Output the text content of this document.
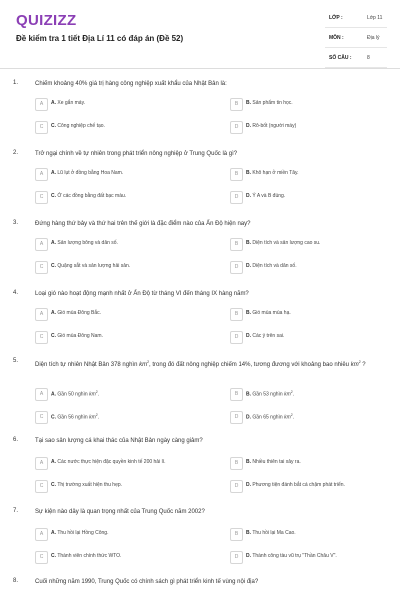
QUIZIZZ
Đề kiểm tra 1 tiết Địa Lí 11 có đáp án (Đề 52)
LỚP :	Lớp 11
MÔN :	Địa lý
SỐ CÂU :	8
1.	Chiếm khoảng 40% giá trị hàng công nghiệp xuất khẩu của Nhật Bản là:
A	A. Xe gắn máy.	B	B. Sản phẩm tin học.
C	C. Công nghiệp chế tạo.	D	D. Rô-bốt (người máy)
2.	Trở ngại chính về tự nhiên trong phát triển nông nghiệp ở Trung Quốc là gì?
A	A. Lũ lụt ở đồng bằng Hoa Nam.	B	B. Khô hạn ở miền Tây.
C	C. Ở các đồng bằng đất bạc màu.	D	D. Ý A và B đúng.
3.	Đứng hàng thứ bảy và thứ hai trên thế giới là đặc điểm nào của Ấn Độ hiện nay?
A	A. Sản lượng bông và dân số.	B	B. Diện tích và sản lượng cao su.
C	C. Quặng sắt và sản lượng hải sản.	D	D. Diện tích và dân số.
4.	Loại gió nào hoạt động mạnh nhất ở Ấn Độ từ tháng VI đến tháng IX hàng năm?
A	A. Gió mùa Đông Bắc.	B	B. Gió mùa mùa hạ.
C	C. Gió mùa Đông Nam.	D	D. Các ý trên sai.
5.
Diện tích tự nhiên Nhật Bản 378 nghìn $km^2$, trong đó đất nông nghiệp chiếm 14%, tương đương với khoảng bao nhiêu $km^2$ ?
A	A. Gần 50 nghìn $km^2$.	B	B. Gần 53 nghìn $km^2$.
C	C. Gần 56 nghìn $km^2$.	D	D. Gần 65 nghìn $km^2$.
6.	Tại sao sản lượng cá khai thác của Nhật Bản ngày càng giảm?
A	A. Các nước thực hiện đặc quyền kinh tế 200 hải lí.	B	B. Nhiều thiên tai xảy ra.
C	C. Thị trường xuất hiện thu hẹp.	D	D. Phương tiện đánh bắt cá chậm phát triển.
7.	Sự kiện nào dây là quan trọng nhất của Trung Quốc năm 2002?
A	A. Thu hồi lại Hồng Công.	B	B. Thu hồi lại Ma Cao.
C	C. Thành viên chính thức WTO.	D	D. Thành công tàu vũ trụ "Thần Châu V".
8.	Cuối những năm 1990, Trung Quốc có chính sách gì phát triển kinh tế vùng nội địa?
